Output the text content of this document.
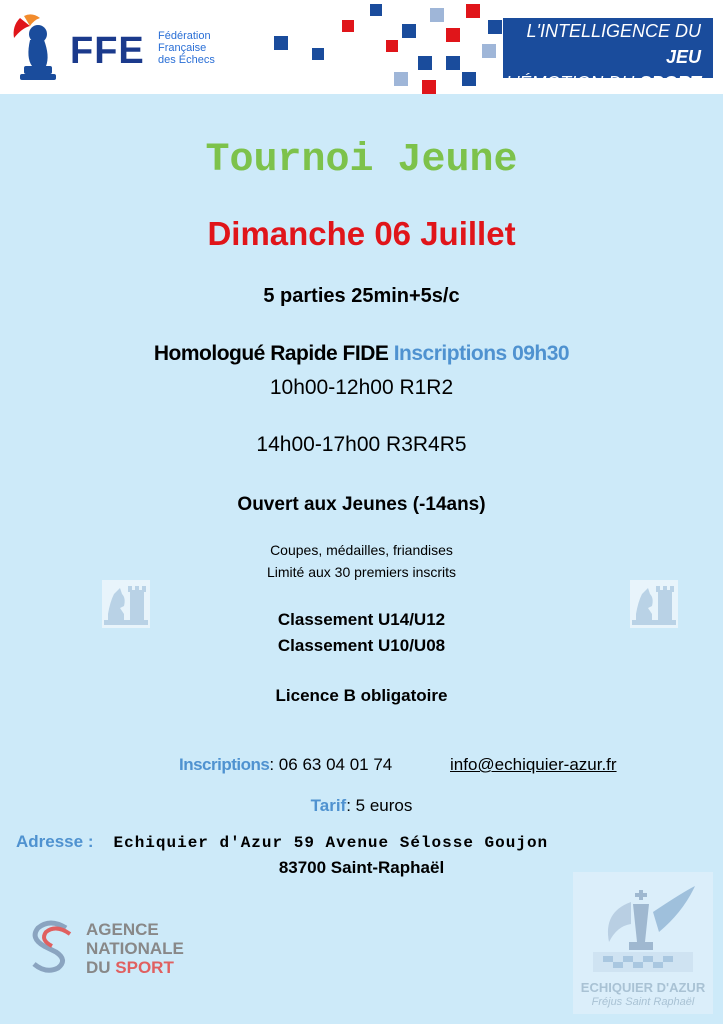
FFE Fédération
Française
des Échecs
L'INTELLIGENCE DU JEU
L'ÉMOTION DU SPORT
Tournoi Jeune
Dimanche 06 Juillet
5 parties 25min+5s/c
Homologué Rapide FIDE Inscriptions 09h30
10h00-12h00 R1R2
14h00-17h00 R3R4R5
Ouvert aux Jeunes (-14ans)
Coupes, médailles, friandises
Limité aux 30 premiers inscrits
Classement U14/U12
Classement U10/U08
Licence B obligatoire
Inscriptions: 06 63 04 01 74	info@echiquier-azur.fr
Tarif: 5 euros
Adresse : Echiquier d'Azur 59 Avenue Sélosse Goujon
83700 Saint-Raphaël
AGENCE
NATIONALE
DU SPORT
ECHIQUIER D'AZUR
Fréjus Saint Raphaël
